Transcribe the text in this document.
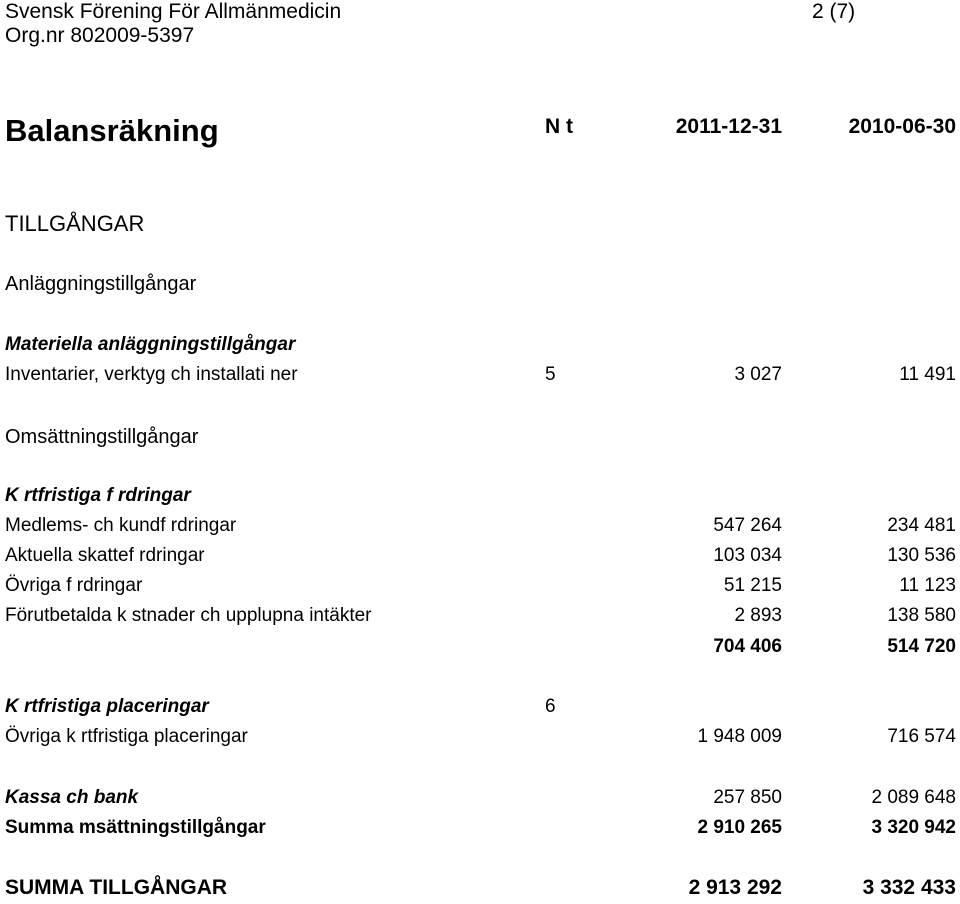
Svensk Förening För Allmänmedicin	2 (7)
Org.nr 802009-5397
Balansräkning	N t	2011-12-31	2010-06-30
TILLGÅNGAR
Anläggningstillgångar
Materiella anläggningstillgångar
Inventarier, verktyg ch installati ner	5	3 027	11 491
Omsättningstillgångar
K rtfristiga f rdringar
Medlems- ch kundf rdringar	547 264	234 481
Aktuella skattef rdringar	103 034	130 536
Övriga f rdringar	51 215	11 123
Förutbetalda k stnader ch upplupna intäkter	2 893	138 580
704 406	514 720
K rtfristiga placeringar	6
Övriga k rtfristiga placeringar	1 948 009	716 574
Kassa ch bank	257 850	2 089 648
Summa msättningstillgångar	2 910 265	3 320 942
SUMMA TILLGÅNGAR	2 913 292	3 332 433
